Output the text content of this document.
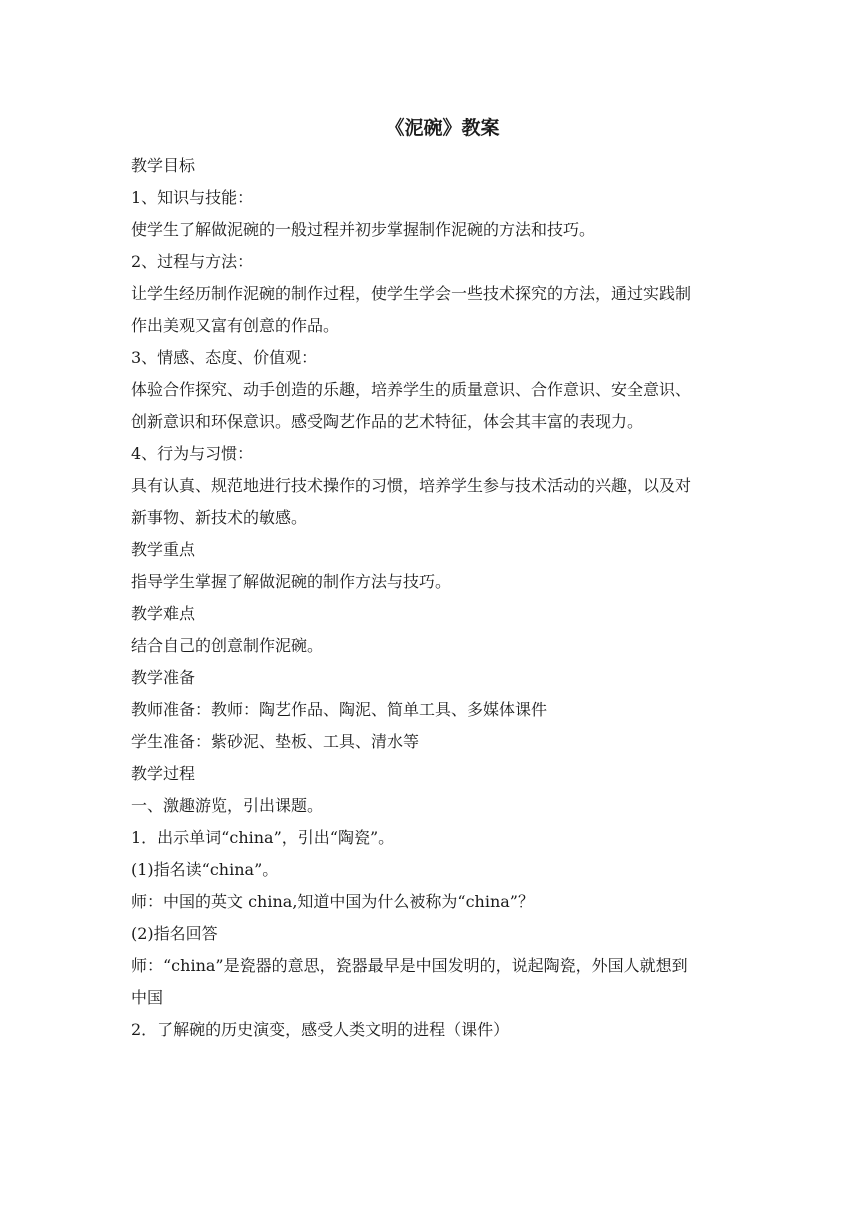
《泥碗》教案

教学目标

1、知识与技能：

使学生了解做泥碗的一般过程并初步掌握制作泥碗的方法和技巧。

2、过程与方法：

让学生经历制作泥碗的制作过程，使学生学会一些技术探究的方法，通过实践制

作出美观又富有创意的作品。

3、情感、态度、价值观：

体验合作探究、动手创造的乐趣，培养学生的质量意识、合作意识、安全意识、

创新意识和环保意识。感受陶艺作品的艺术特征，体会其丰富的表现力。

4、行为与习惯：

具有认真、规范地进行技术操作的习惯，培养学生参与技术活动的兴趣，以及对

新事物、新技术的敏感。

教学重点

指导学生掌握了解做泥碗的制作方法与技巧。

教学难点

结合自己的创意制作泥碗。

教学准备

教师准备：教师：陶艺作品、陶泥、简单工具、多媒体课件

学生准备：紫砂泥、垫板、工具、清水等

教学过程

一、激趣游览，引出课题。

1．出示单词“china”，引出“陶瓷”。

(1)指名读“china”。

师：中国的英文 china,知道中国为什么被称为“china”？

(2)指名回答

师：“china”是瓷器的意思，瓷器最早是中国发明的，说起陶瓷，外国人就想到

中国

2．了解碗的历史演变，感受人类文明的进程（课件）
